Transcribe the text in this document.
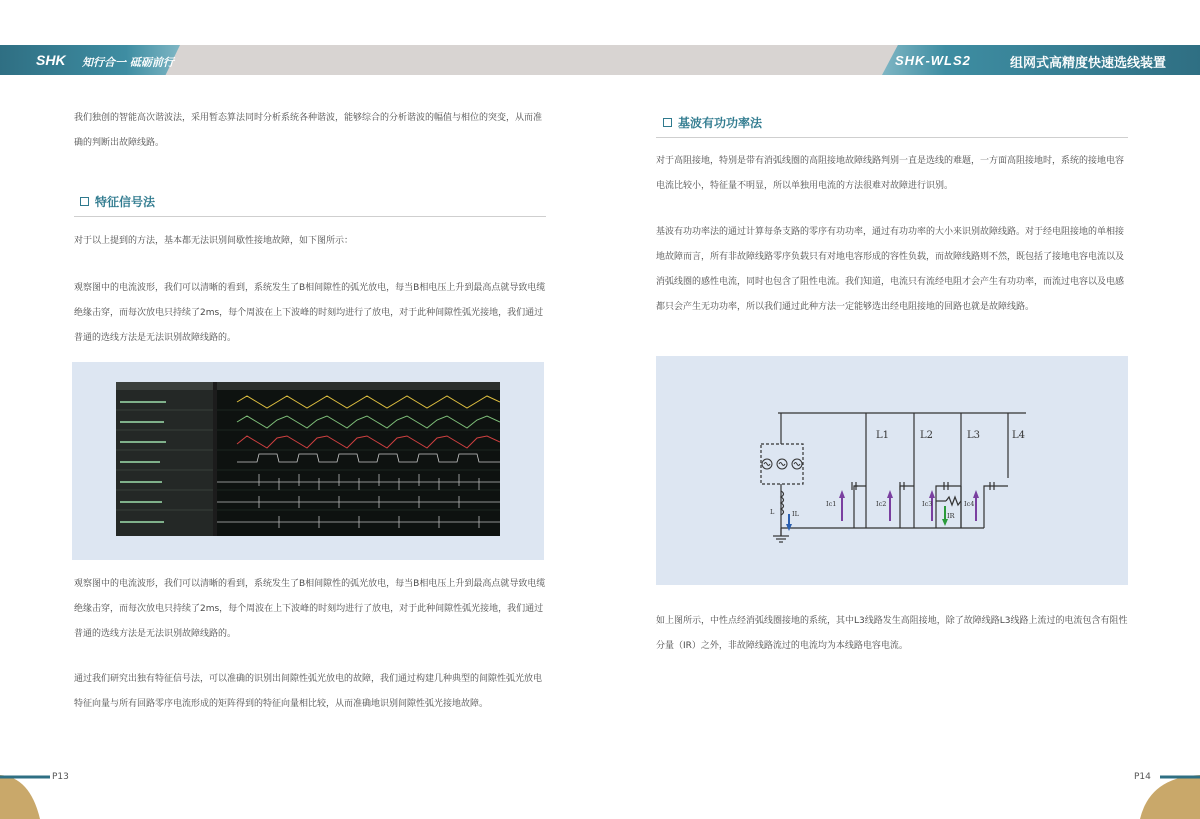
SHK 知行合一 砥砺前行	SHK-WLS2	组网式高精度快速选线装置

我们独创的智能高次谐波法，采用暂态算法同时分析系统各种谐波，能够综合的分析谐波的幅值与相位的突变，从而准确的判断出故障线路。

特征信号法

对于以上提到的方法，基本都无法识别间歇性接地故障，如下图所示：

观察图中的电流波形，我们可以清晰的看到，系统发生了B相间隙性的弧光放电，每当B相电压上升到最高点就导致电缆绝缘击穿，而每次放电只持续了2ms，每个周波在上下波峰的时刻均进行了放电，对于此种间隙性弧光接地，我们通过普通的选线方法是无法识别故障线路的。

观察图中的电流波形，我们可以清晰的看到，系统发生了B相间隙性的弧光放电，每当B相电压上升到最高点就导致电缆绝缘击穿，而每次放电只持续了2ms，每个周波在上下波峰的时刻均进行了放电，对于此种间隙性弧光接地，我们通过普通的选线方法是无法识别故障线路的。

通过我们研究出独有特征信号法，可以准确的识别出间隙性弧光放电的故障，我们通过构建几种典型的间隙性弧光放电特征向量与所有回路零序电流形成的矩阵得到的特征向量相比较，从而准确地识别间隙性弧光接地故障。

基波有功功率法

对于高阻接地，特别是带有消弧线圈的高阻接地故障线路判别一直是选线的难题，一方面高阻接地时，系统的接地电容电流比较小，特征量不明显，所以单独用电流的方法很难对故障进行识别。

基波有功功率法的通过计算每条支路的零序有功功率，通过有功功率的大小来识别故障线路。对于经电阻接地的单相接地故障而言，所有非故障线路零序负载只有对地电容形成的容性负载，而故障线路则不然，既包括了接地电容电流以及消弧线圈的感性电流，同时也包含了阻性电流。我们知道，电流只有流经电阻才会产生有功功率，而流过电容以及电感都只会产生无功功率，所以我们通过此种方法一定能够选出经电阻接地的回路也就是故障线路。

L1	L2	L3	L4
Ic1	Ic2	Ic3	Ic4
IR
L	IL

如上图所示，中性点经消弧线圈接地的系统，其中L3线路发生高阻接地，除了故障线路L3线路上流过的电流包含有阻性分量（IR）之外，非故障线路流过的电流均为本线路电容电流。

P13	P14
